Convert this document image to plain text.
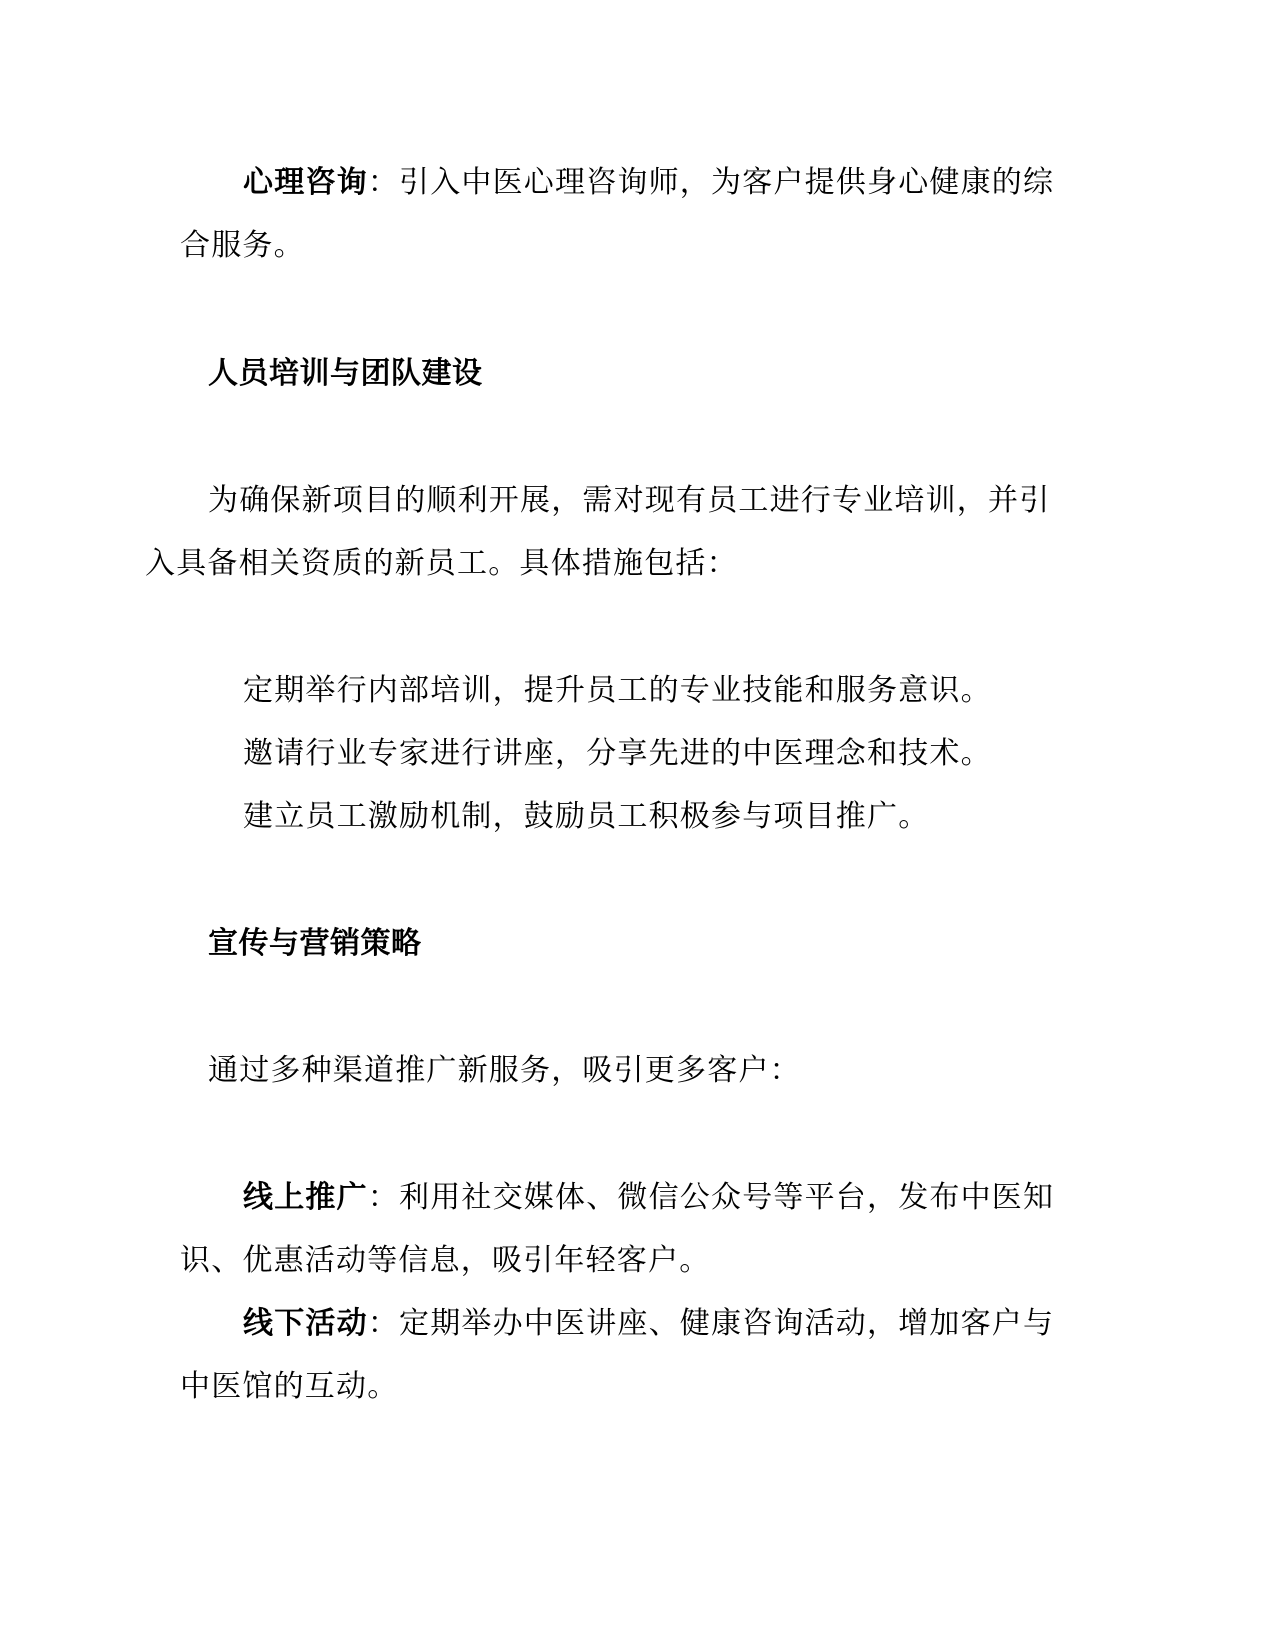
心理咨询：引入中医心理咨询师，为客户提供身心健康的综
合服务。
人员培训与团队建设
为确保新项目的顺利开展，需对现有员工进行专业培训，并引
入具备相关资质的新员工。具体措施包括：
定期举行内部培训，提升员工的专业技能和服务意识。
邀请行业专家进行讲座，分享先进的中医理念和技术。
建立员工激励机制，鼓励员工积极参与项目推广。
宣传与营销策略
通过多种渠道推广新服务，吸引更多客户：
线上推广：利用社交媒体、微信公众号等平台，发布中医知
识、优惠活动等信息，吸引年轻客户。
线下活动：定期举办中医讲座、健康咨询活动，增加客户与
中医馆的互动。
